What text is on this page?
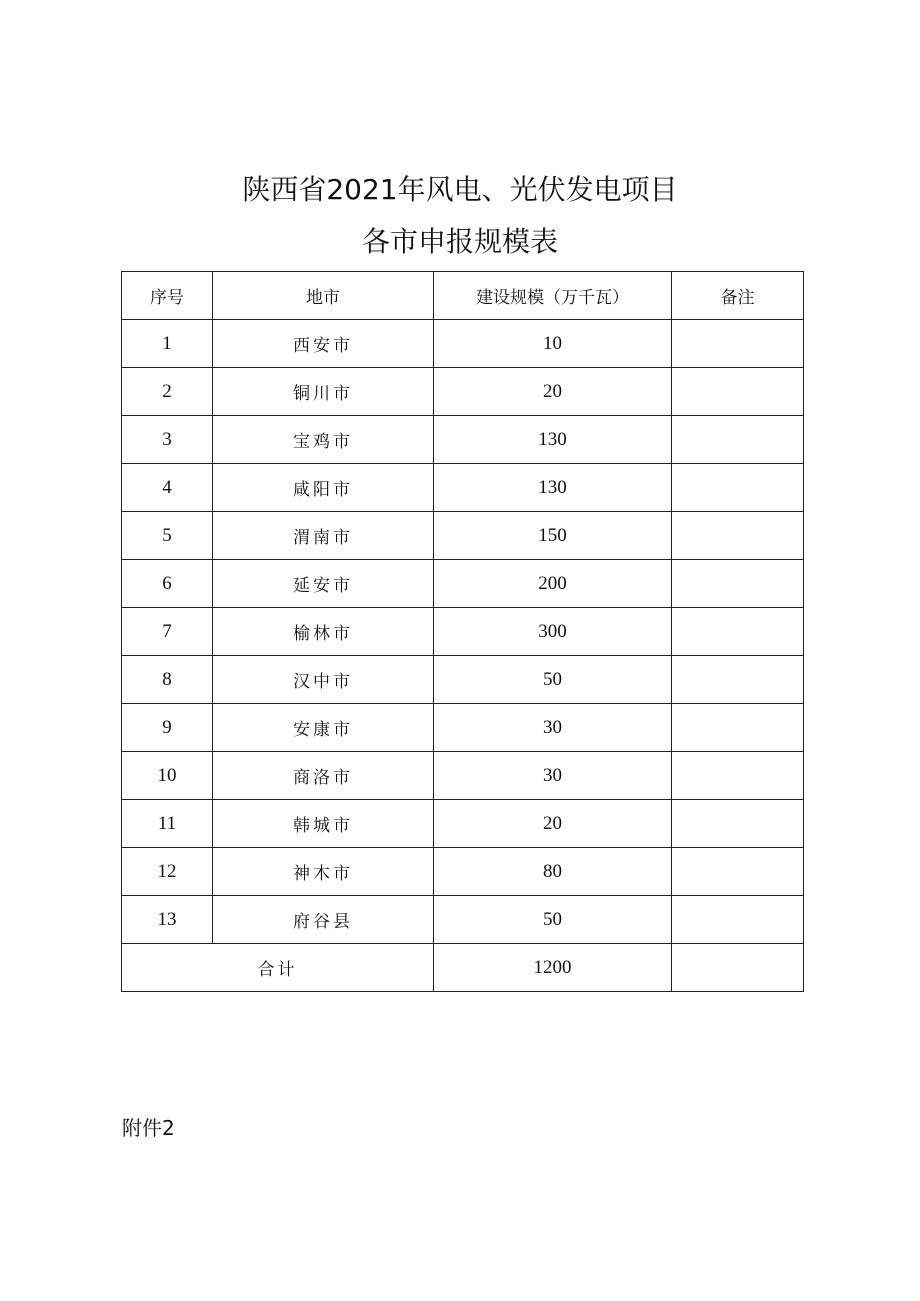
陕西省2021年风电、光伏发电项目
各市申报规模表
序号	地市	建设规模（万千瓦）	备注
1	西安市	10	
2	铜川市	20	
3	宝鸡市	130	
4	咸阳市	130	
5	渭南市	150	
6	延安市	200	
7	榆林市	300	
8	汉中市	50	
9	安康市	30	
10	商洛市	30	
11	韩城市	20	
12	神木市	80	
13	府谷县	50	
合计		1200	
附件2
